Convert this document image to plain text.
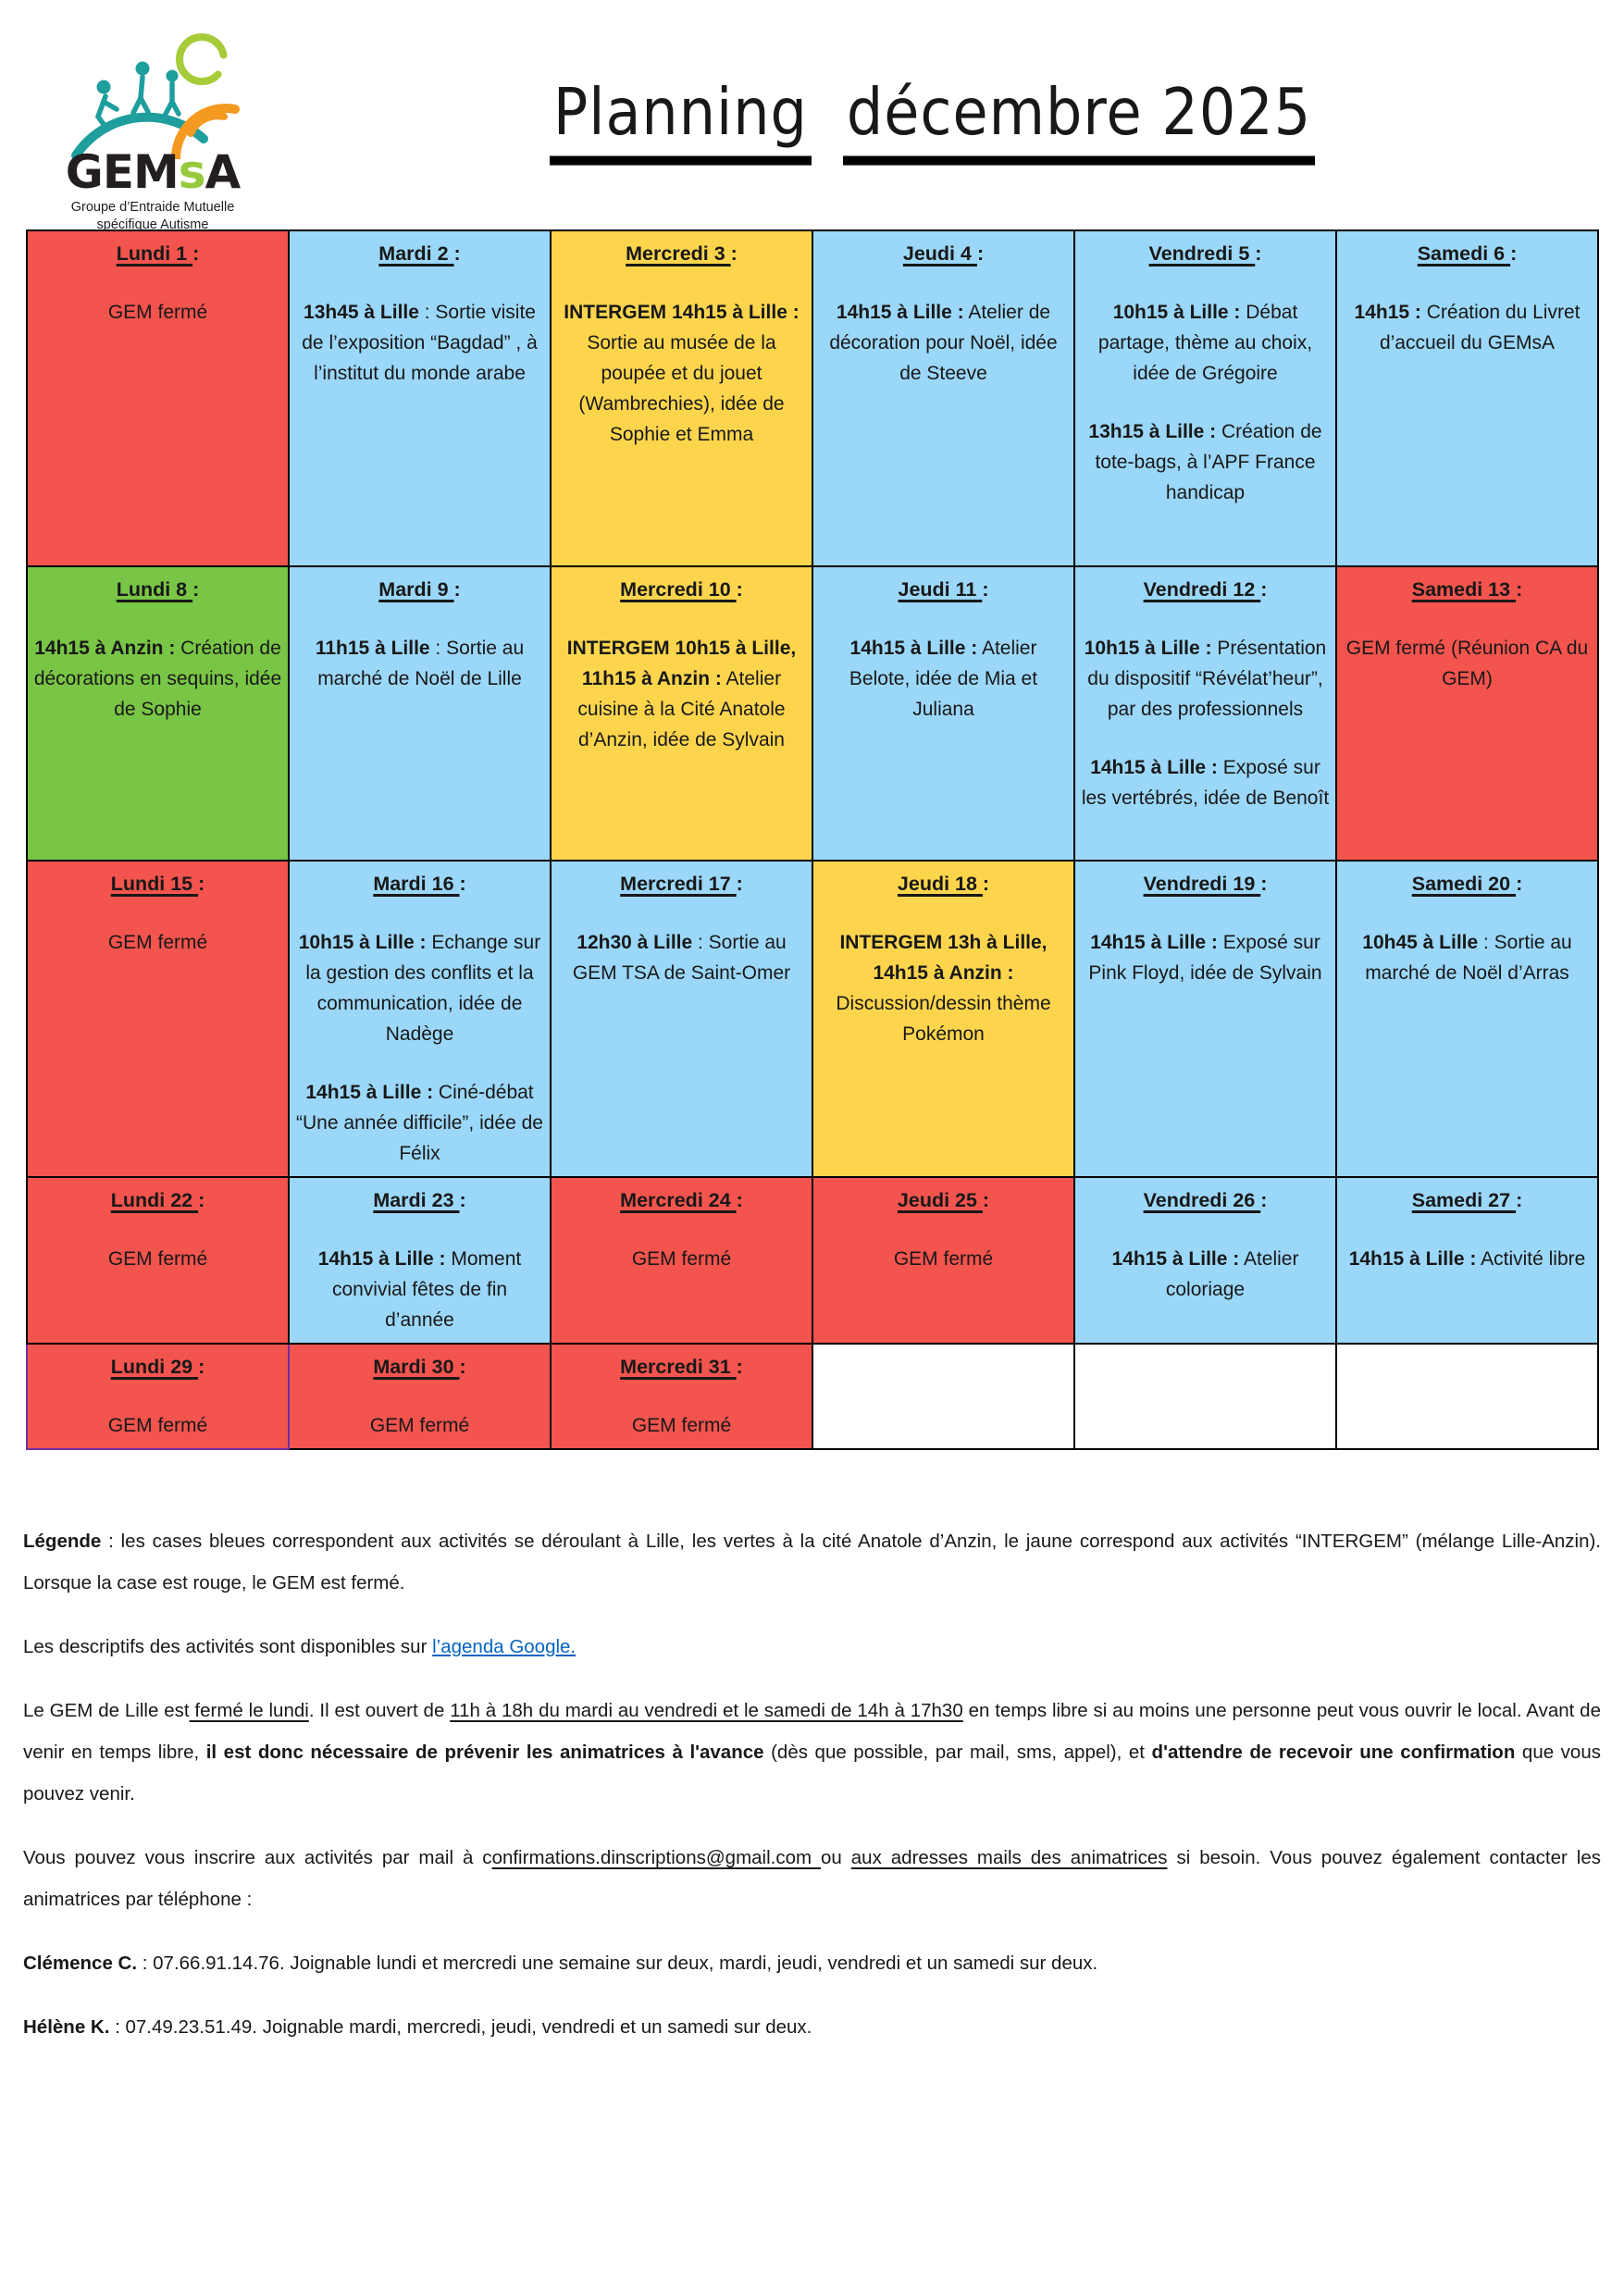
GEMsA
Groupe d’Entraide Mutuelle
spécifique Autisme
Planning décembre 2025
Lundi 1 :
GEM fermé

Mardi 2 :
13h45 à Lille : Sortie visite de l’exposition “Bagdad” , à l’institut du monde arabe

Mercredi 3 :
INTERGEM 14h15 à Lille : Sortie au musée de la poupée et du jouet (Wambrechies), idée de Sophie et Emma

Jeudi 4 :
14h15 à Lille : Atelier de décoration pour Noël, idée de Steeve

Vendredi 5 :
10h15 à Lille : Débat partage, thème au choix, idée de Grégoire
13h15 à Lille : Création de tote-bags, à l’APF France handicap

Samedi 6 :
14h15 : Création du Livret d’accueil du GEMsA

Lundi 8 :
14h15 à Anzin : Création de décorations en sequins, idée de Sophie

Mardi 9 :
11h15 à Lille : Sortie au marché de Noël de Lille

Mercredi 10 :
INTERGEM 10h15 à Lille, 11h15 à Anzin : Atelier cuisine à la Cité Anatole d’Anzin, idée de Sylvain

Jeudi 11 :
14h15 à Lille : Atelier Belote, idée de Mia et Juliana

Vendredi 12 :
10h15 à Lille : Présentation du dispositif “Révélat’heur”, par des professionnels
14h15 à Lille : Exposé sur les vertébrés, idée de Benoît

Samedi 13 :
GEM fermé (Réunion CA du GEM)

Lundi 15 :
GEM fermé

Mardi 16 :
10h15 à Lille : Echange sur la gestion des conflits et la communication, idée de Nadège
14h15 à Lille : Ciné-débat “Une année difficile”, idée de Félix

Mercredi 17 :
12h30 à Lille : Sortie au GEM TSA de Saint-Omer

Jeudi 18 :
INTERGEM 13h à Lille, 14h15 à Anzin : Discussion/dessin thème Pokémon

Vendredi 19 :
14h15 à Lille : Exposé sur Pink Floyd, idée de Sylvain

Samedi 20 :
10h45 à Lille : Sortie au marché de Noël d’Arras

Lundi 22 :
GEM fermé

Mardi 23 :
14h15 à Lille : Moment convivial fêtes de fin d’année

Mercredi 24 :
GEM fermé

Jeudi 25 :
GEM fermé

Vendredi 26 :
14h15 à Lille : Atelier coloriage

Samedi 27 :
14h15 à Lille : Activité libre

Lundi 29 :
GEM fermé

Mardi 30 :
GEM fermé

Mercredi 31 :
GEM fermé

Légende : les cases bleues correspondent aux activités se déroulant à Lille, les vertes à la cité Anatole d’Anzin, le jaune correspond aux activités “INTERGEM” (mélange Lille-Anzin). Lorsque la case est rouge, le GEM est fermé.

Les descriptifs des activités sont disponibles sur l’agenda Google.

Le GEM de Lille est fermé le lundi. Il est ouvert de 11h à 18h du mardi au vendredi et le samedi de 14h à 17h30 en temps libre si au moins une personne peut vous ouvrir le local. Avant de venir en temps libre, il est donc nécessaire de prévenir les animatrices à l'avance (dès que possible, par mail, sms, appel), et d'attendre de recevoir une confirmation que vous pouvez venir.

Vous pouvez vous inscrire aux activités par mail à confirmations.dinscriptions@gmail.com ou aux adresses mails des animatrices si besoin. Vous pouvez également contacter les animatrices par téléphone :

Clémence C. : 07.66.91.14.76. Joignable lundi et mercredi une semaine sur deux, mardi, jeudi, vendredi et un samedi sur deux.

Hélène K. : 07.49.23.51.49. Joignable mardi, mercredi, jeudi, vendredi et un samedi sur deux.
